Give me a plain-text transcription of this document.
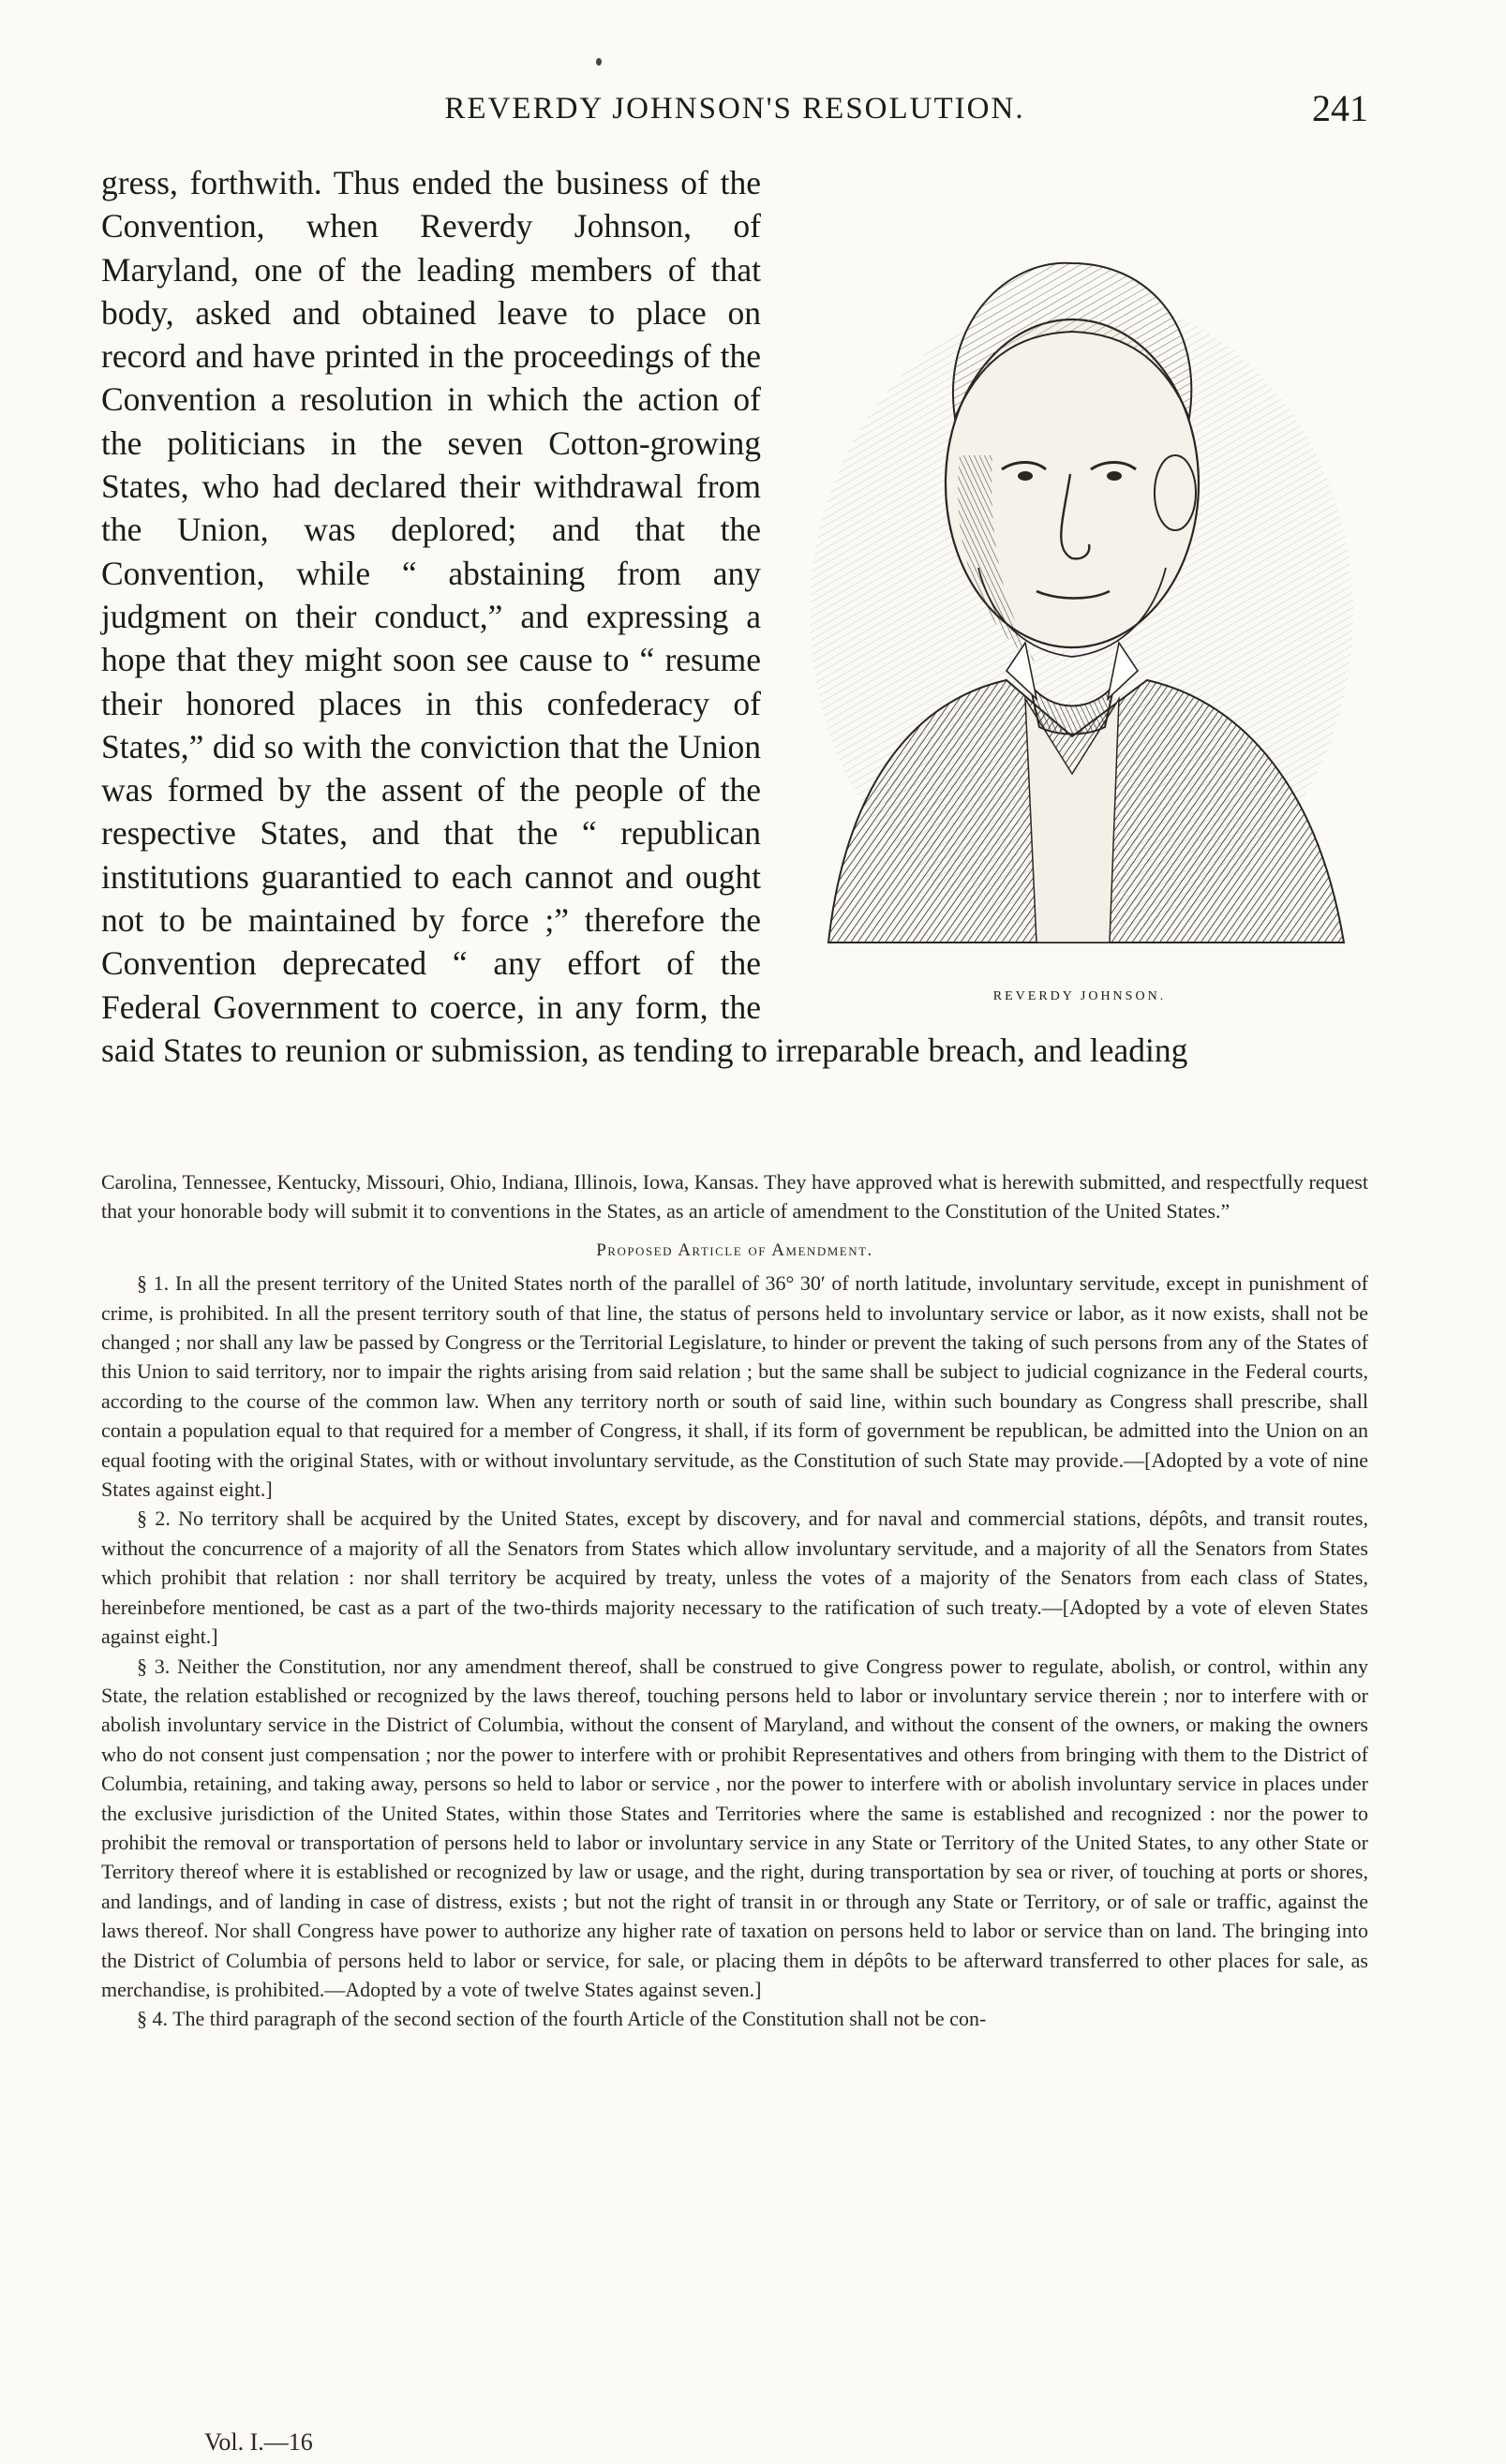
REVERDY JOHNSON'S RESOLUTION.	241
REVERDY JOHNSON.

gress, forthwith. Thus ended the business of the Convention, when Reverdy Johnson, of Maryland, one of the leading members of that body, asked and obtained leave to place on record and have printed in the proceedings of the Convention a resolution in which the action of the politicians in the seven Cotton-growing States, who had declared their withdrawal from the Union, was deplored; and that the Convention, while “ abstaining from any judgment on their conduct,” and expressing a hope that they might soon see cause to “ resume their honored places in this confederacy of States,” did so with the conviction that the Union was formed by the assent of the people of the respective States, and that the “ republican institutions guarantied to each cannot and ought not to be maintained by force ;” therefore the Convention deprecated “ any effort of the Federal Government to coerce, in any form, the said States to reunion or submission, as tending to irreparable breach, and leading

Carolina, Tennessee, Kentucky, Missouri, Ohio, Indiana, Illinois, Iowa, Kansas. They have approved what is herewith submitted, and respectfully request that your honorable body will submit it to conventions in the States, as an article of amendment to the Constitution of the United States.”

Proposed Article of Amendment.

§ 1. In all the present territory of the United States north of the parallel of 36° 30′ of north latitude, involuntary servitude, except in punishment of crime, is prohibited. In all the present territory south of that line, the status of persons held to involuntary service or labor, as it now exists, shall not be changed ; nor shall any law be passed by Congress or the Territorial Legislature, to hinder or prevent the taking of such persons from any of the States of this Union to said territory, nor to impair the rights arising from said relation ; but the same shall be subject to judicial cognizance in the Federal courts, according to the course of the common law. When any territory north or south of said line, within such boundary as Congress shall prescribe, shall contain a population equal to that required for a member of Congress, it shall, if its form of government be republican, be admitted into the Union on an equal footing with the original States, with or without involuntary servitude, as the Constitution of such State may provide.—[Adopted by a vote of nine States against eight.]

§ 2. No territory shall be acquired by the United States, except by discovery, and for naval and commercial stations, dépôts, and transit routes, without the concurrence of a majority of all the Senators from States which allow involuntary servitude, and a majority of all the Senators from States which prohibit that relation : nor shall territory be acquired by treaty, unless the votes of a majority of the Senators from each class of States, hereinbefore mentioned, be cast as a part of the two-thirds majority necessary to the ratification of such treaty.—[Adopted by a vote of eleven States against eight.]

§ 3. Neither the Constitution, nor any amendment thereof, shall be construed to give Congress power to regulate, abolish, or control, within any State, the relation established or recognized by the laws thereof, touching persons held to labor or involuntary service therein ; nor to interfere with or abolish involuntary service in the District of Columbia, without the consent of Maryland, and without the consent of the owners, or making the owners who do not consent just compensation ; nor the power to interfere with or prohibit Representatives and others from bringing with them to the District of Columbia, retaining, and taking away, persons so held to labor or service , nor the power to interfere with or abolish involuntary service in places under the exclusive jurisdiction of the United States, within those States and Territories where the same is established and recognized : nor the power to prohibit the removal or transportation of persons held to labor or involuntary service in any State or Territory of the United States, to any other State or Territory thereof where it is established or recognized by law or usage, and the right, during transportation by sea or river, of touching at ports or shores, and landings, and of landing in case of distress, exists ; but not the right of transit in or through any State or Territory, or of sale or traffic, against the laws thereof. Nor shall Congress have power to authorize any higher rate of taxation on persons held to labor or service than on land. The bringing into the District of Columbia of persons held to labor or service, for sale, or placing them in dépôts to be afterward transferred to other places for sale, as merchandise, is prohibited.—Adopted by a vote of twelve States against seven.]

§ 4. The third paragraph of the second section of the fourth Article of the Constitution shall not be con-

Vol. I.—16
